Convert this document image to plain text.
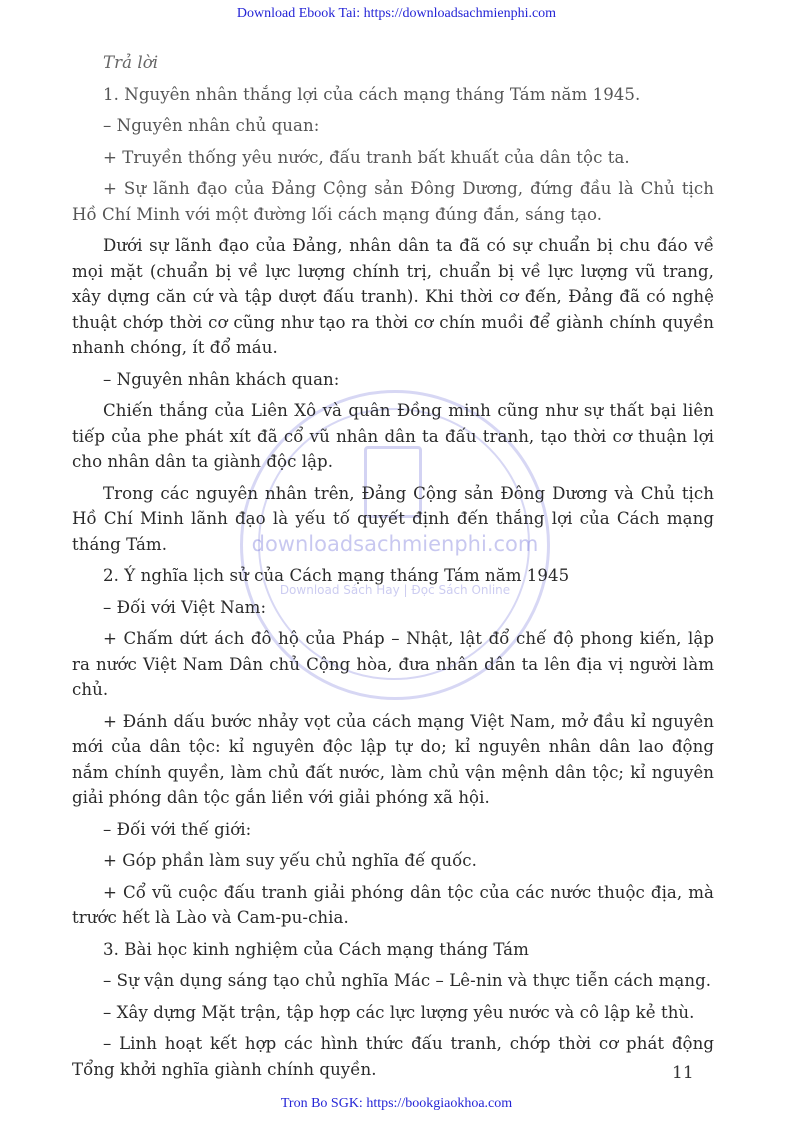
Download Ebook Tai: https://downloadsachmienphi.com
downloadsachmienphi.com
Download Sách Hay | Đọc Sách Online

Trả lời

1. Nguyên nhân thắng lợi của cách mạng tháng Tám năm 1945.

– Nguyên nhân chủ quan:

+ Truyền thống yêu nước, đấu tranh bất khuất của dân tộc ta.

+ Sự lãnh đạo của Đảng Cộng sản Đông Dương, đứng đầu là Chủ tịch Hồ Chí Minh với một đường lối cách mạng đúng đắn, sáng tạo.

Dưới sự lãnh đạo của Đảng, nhân dân ta đã có sự chuẩn bị chu đáo về mọi mặt (chuẩn bị về lực lượng chính trị, chuẩn bị về lực lượng vũ trang, xây dựng căn cứ và tập dượt đấu tranh). Khi thời cơ đến, Đảng đã có nghệ thuật chớp thời cơ cũng như tạo ra thời cơ chín muồi để giành chính quyền nhanh chóng, ít đổ máu.

– Nguyên nhân khách quan:

Chiến thắng của Liên Xô và quân Đồng minh cũng như sự thất bại liên tiếp của phe phát xít đã cổ vũ nhân dân ta đấu tranh, tạo thời cơ thuận lợi cho nhân dân ta giành độc lập.

Trong các nguyên nhân trên, Đảng Cộng sản Đông Dương và Chủ tịch Hồ Chí Minh lãnh đạo là yếu tố quyết định đến thắng lợi của Cách mạng tháng Tám.

2. Ý nghĩa lịch sử của Cách mạng tháng Tám năm 1945

– Đối với Việt Nam:

+ Chấm dứt ách đô hộ của Pháp – Nhật, lật đổ chế độ phong kiến, lập ra nước Việt Nam Dân chủ Cộng hòa, đưa nhân dân ta lên địa vị người làm chủ.

+ Đánh dấu bước nhảy vọt của cách mạng Việt Nam, mở đầu kỉ nguyên mới của dân tộc: kỉ nguyên độc lập tự do; kỉ nguyên nhân dân lao động nắm chính quyền, làm chủ đất nước, làm chủ vận mệnh dân tộc; kỉ nguyên giải phóng dân tộc gắn liền với giải phóng xã hội.

– Đối với thế giới:

+ Góp phần làm suy yếu chủ nghĩa đế quốc.

+ Cổ vũ cuộc đấu tranh giải phóng dân tộc của các nước thuộc địa, mà trước hết là Lào và Cam-pu-chia.

3. Bài học kinh nghiệm của Cách mạng tháng Tám

– Sự vận dụng sáng tạo chủ nghĩa Mác – Lê-nin và thực tiễn cách mạng.

– Xây dựng Mặt trận, tập hợp các lực lượng yêu nước và cô lập kẻ thù.

– Linh hoạt kết hợp các hình thức đấu tranh, chớp thời cơ phát động Tổng khởi nghĩa giành chính quyền.	11
Tron Bo SGK: https://bookgiaokhoa.com
